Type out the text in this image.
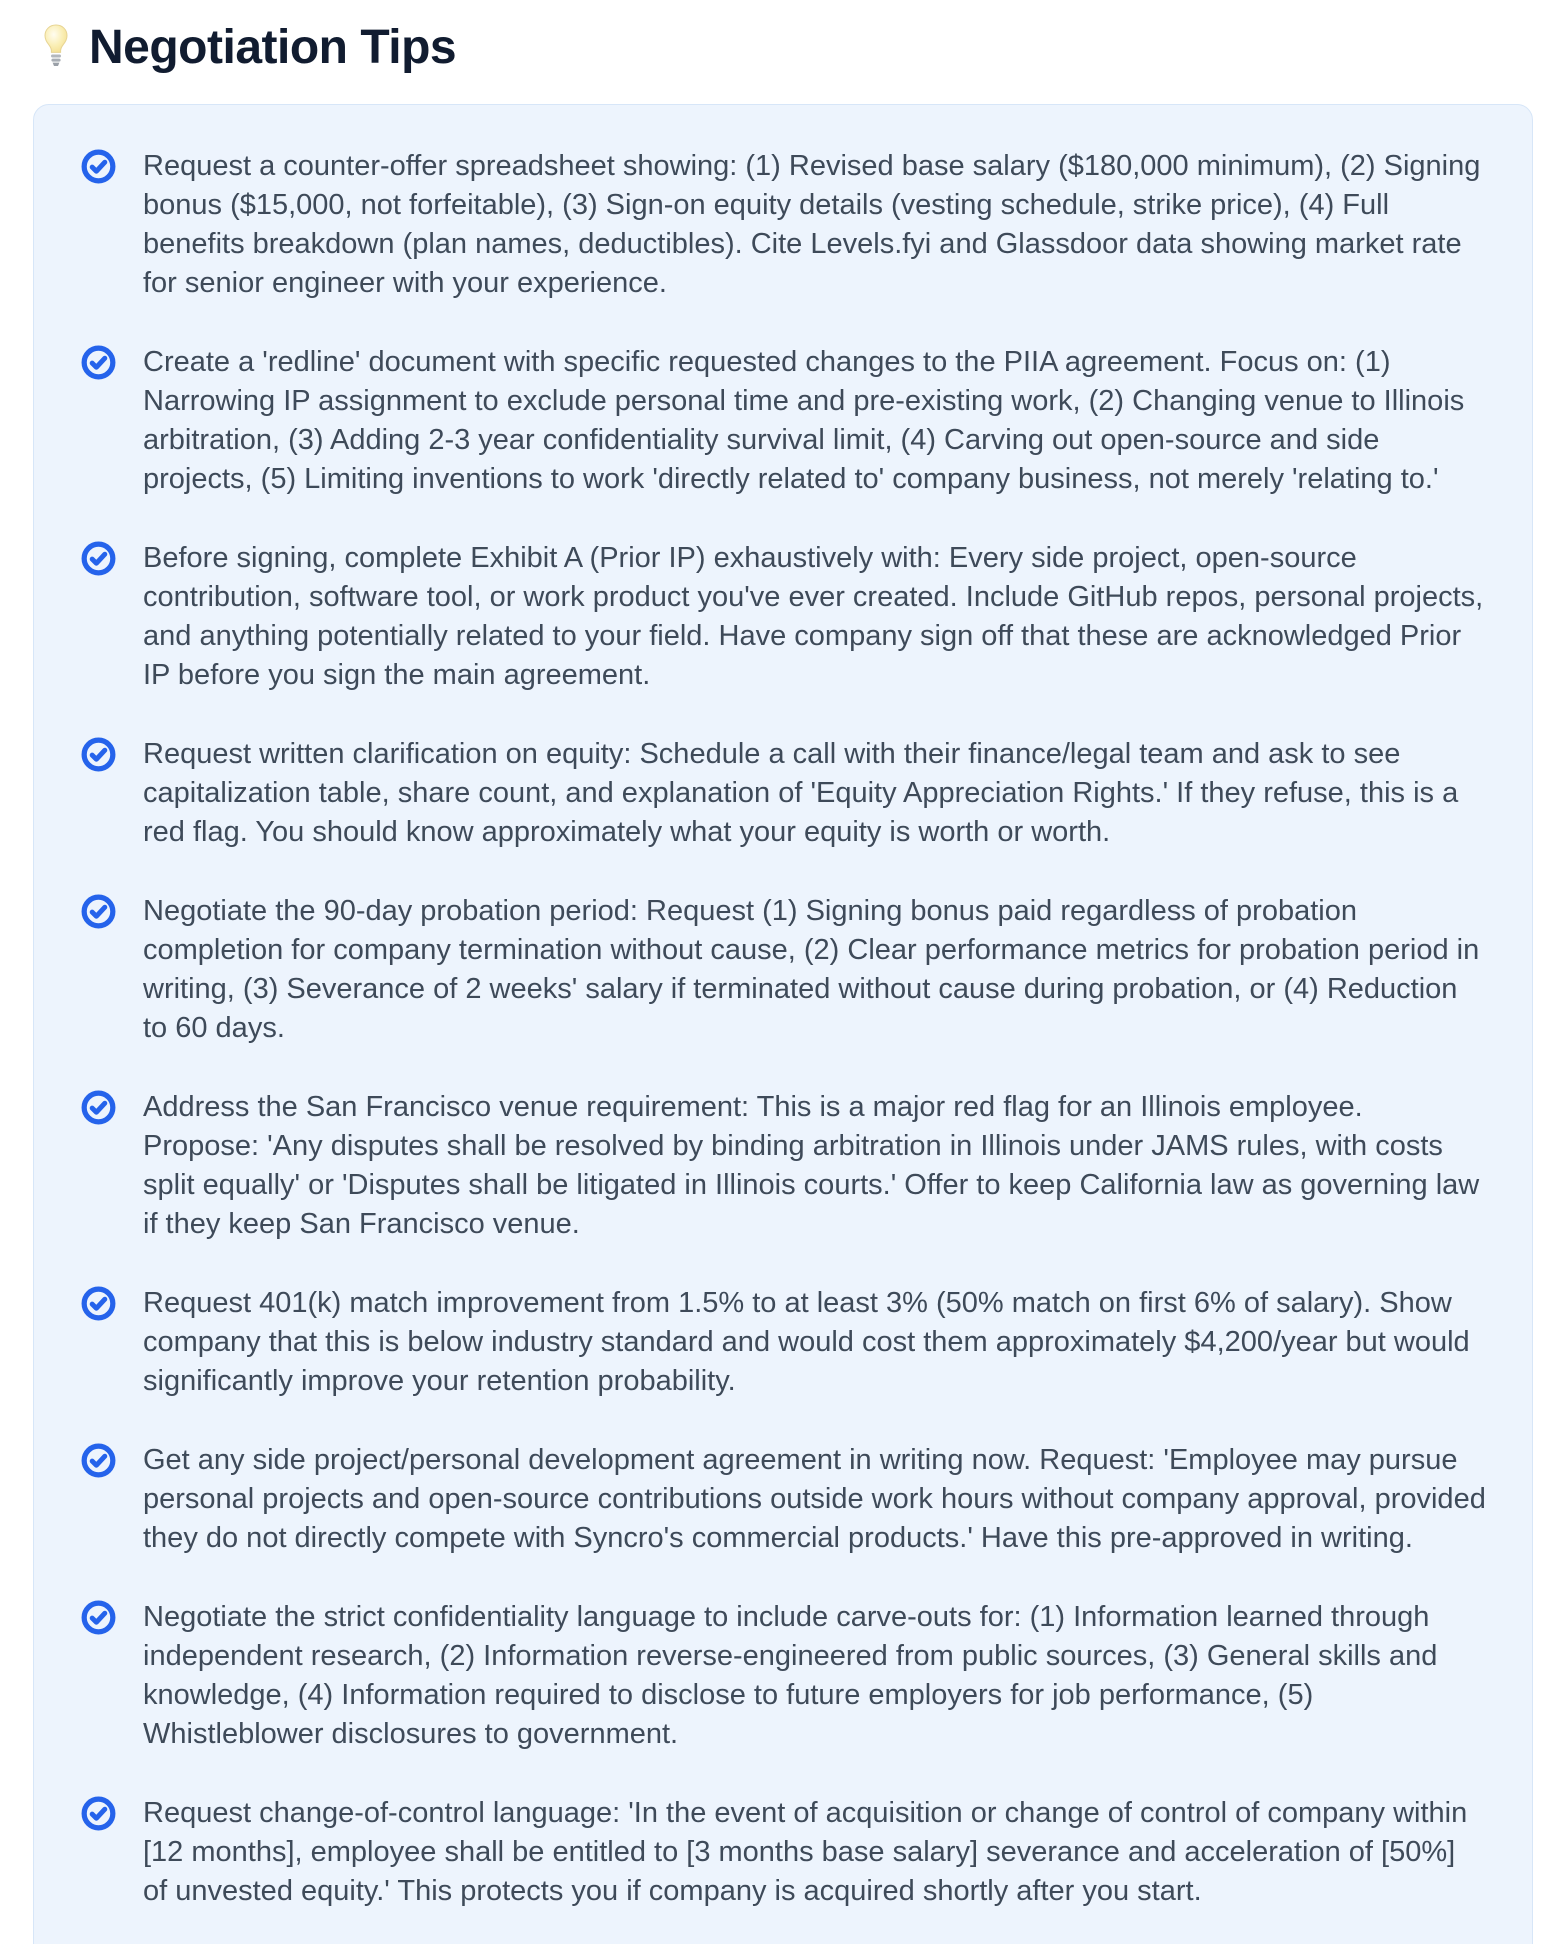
Negotiation Tips

Request a counter-offer spreadsheet showing: (1) Revised base salary ($180,000 minimum), (2) Signing bonus ($15,000, not forfeitable), (3) Sign-on equity details (vesting schedule, strike price), (4) Full benefits breakdown (plan names, deductibles). Cite Levels.fyi and Glassdoor data showing market rate for senior engineer with your experience.

Create a 'redline' document with specific requested changes to the PIIA agreement. Focus on: (1) Narrowing IP assignment to exclude personal time and pre-existing work, (2) Changing venue to Illinois arbitration, (3) Adding 2-3 year confidentiality survival limit, (4) Carving out open-source and side projects, (5) Limiting inventions to work 'directly related to' company business, not merely 'relating to.'

Before signing, complete Exhibit A (Prior IP) exhaustively with: Every side project, open-source contribution, software tool, or work product you've ever created. Include GitHub repos, personal projects, and anything potentially related to your field. Have company sign off that these are acknowledged Prior IP before you sign the main agreement.

Request written clarification on equity: Schedule a call with their finance/legal team and ask to see capitalization table, share count, and explanation of 'Equity Appreciation Rights.' If they refuse, this is a red flag. You should know approximately what your equity is worth or worth.

Negotiate the 90-day probation period: Request (1) Signing bonus paid regardless of probation completion for company termination without cause, (2) Clear performance metrics for probation period in writing, (3) Severance of 2 weeks' salary if terminated without cause during probation, or (4) Reduction to 60 days.

Address the San Francisco venue requirement: This is a major red flag for an Illinois employee. Propose: 'Any disputes shall be resolved by binding arbitration in Illinois under JAMS rules, with costs split equally' or 'Disputes shall be litigated in Illinois courts.' Offer to keep California law as governing law if they keep San Francisco venue.

Request 401(k) match improvement from 1.5% to at least 3% (50% match on first 6% of salary). Show company that this is below industry standard and would cost them approximately $4,200/year but would significantly improve your retention probability.

Get any side project/personal development agreement in writing now. Request: 'Employee may pursue personal projects and open-source contributions outside work hours without company approval, provided they do not directly compete with Syncro's commercial products.' Have this pre-approved in writing.

Negotiate the strict confidentiality language to include carve-outs for: (1) Information learned through independent research, (2) Information reverse-engineered from public sources, (3) General skills and knowledge, (4) Information required to disclose to future employers for job performance, (5) Whistleblower disclosures to government.

Request change-of-control language: 'In the event of acquisition or change of control of company within [12 months], employee shall be entitled to [3 months base salary] severance and acceleration of [50%] of unvested equity.' This protects you if company is acquired shortly after you start.
